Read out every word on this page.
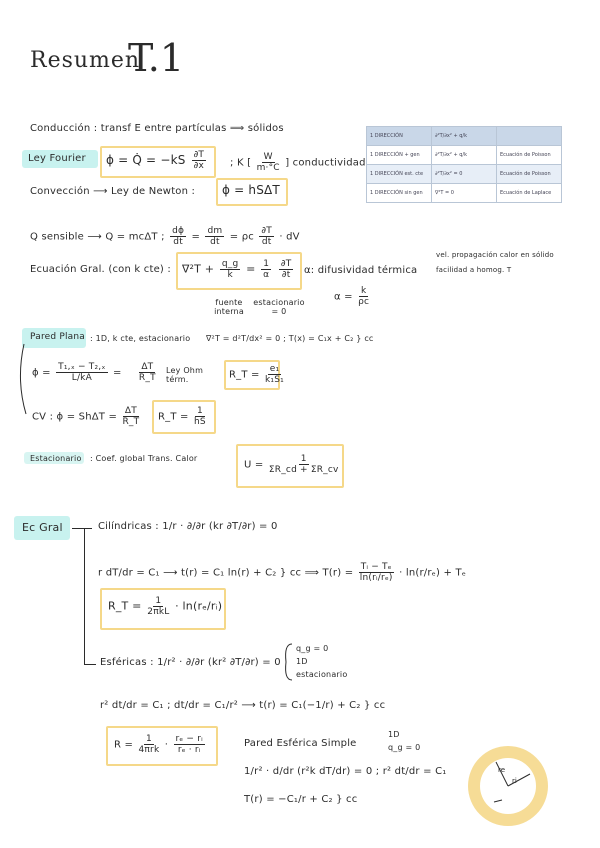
Resumen
T.1
Conducción : transf E entre partículas ⟹ sólidos
Ley Fourier ϕ = Q̇ = $-kS \frac{\partial T}{\partial x}$ ; K [ $\frac{W}{m\cdot^\circ C}$ ] conductividad
1 DIRECCIÓN	∂²T/∂x² + q/k	
1 DIRECCIÓN + gen	∂²T/∂x² + q/k	Ecuación de Poisson
1 DIRECCIÓN est. cte	∂²T/∂x² = 0	Ecuación de Poisson
1 DIRECCIÓN sin gen	∇²T = 0	Ecuación de Laplace
Convección ⟶ Ley de Newton : ϕ = hSΔT
Q sensible ⟶ Q = mcΔT ; $\frac{d\phi}{dt} = \frac{dm}{dt} = \rho c \frac{\partial T}{dt}$ · dV
Ecuación Gral. (con k cte) : $\nabla^2T + \frac{q\_g}{k} = \frac{1}{\alpha}$
$\frac{\partial T}{\partial t} \alpha$: difusividad térmica
vel. propagación calor en sólido
facilidad a homog. T
$\alpha = \frac{k}{\rho c}$
fuente interna
estacionario = 0
Pared Plana : 1D, k cte, estacionario ∇²T = d²T/dx² = 0 ; T(x) = C₁x + C₂ } cc
$\phi = \frac{\text{T₁,ₓ − T₂,ₓ}}{L/kA} = \frac{\Delta T}{R\_T}$ Ley Ohm térm.	R_T = $\frac{\text{e₁}}{\text{k₁S₁}}$
CV : $\phi = Sh\Delta T = \frac{\Delta T}{R\_T}$ R_T = $\frac{1}{hS}$
Estacionario : Coef. global Trans. Calor
$U = \frac{1}{\Sigma R\_cd + \Sigma R\_cv}$
Ec Gral	Cilíndricas : 1/r · ∂/∂r (kr ∂T/∂r) = 0
r dT/dr = C₁ ⟶ t(r) = C₁ ln(r) + C₂ } cc ⟹ $T(r) = \frac{\text{Tᵢ − Tₑ}}{\text{ln(rᵢ/rₑ)}} \cdot \ln(r/r_e) + T_e$
R_T = $\frac{1}{\text{2πkL}}$ · ln(rₑ/rᵢ)
Esféricas : 1/r² · ∂/∂r (kr² ∂T/∂r) = 0
q_g = 0
1D
estacionario
r² dt/dr = C₁ ; dt/dr = C₁/r² ⟶ t(r) = C₁(−1/r) + C₂ } cc
$R = \frac{1}{\text{4πrk}} \cdot \frac{\text{rₑ − rᵢ}}{\text{rₑ · rᵢ}}$	Pared Esférica Simple
1D
q_g = 0
1/r² · d/dr (r²k dT/dr) = 0 ; r² dt/dr = C₁
T(r) = −C₁/r + C₂ } cc
re
ri
